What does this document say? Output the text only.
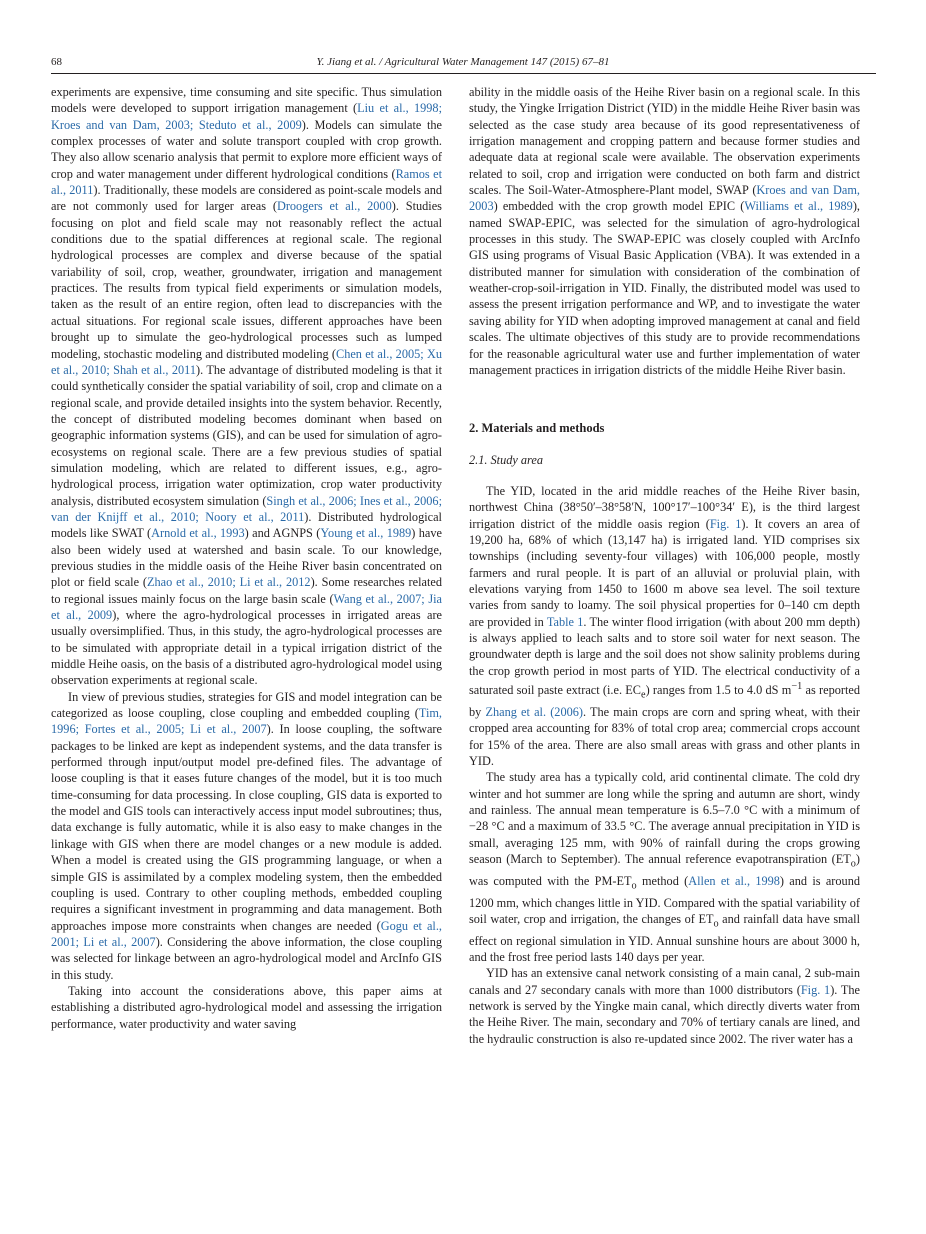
68	Y. Jiang et al. / Agricultural Water Management 147 (2015) 67–81

experiments are expensive, time consuming and site specific. Thus simulation models were developed to support irrigation management (Liu et al., 1998; Kroes and van Dam, 2003; Steduto et al., 2009). Models can simulate the complex processes of water and solute transport coupled with crop growth. They also allow scenario analysis that permit to explore more efficient ways of crop and water management under different hydrological conditions (Ramos et al., 2011). Traditionally, these models are considered as point-scale models and are not commonly used for larger areas (Droogers et al., 2000). Studies focusing on plot and field scale may not reasonably reflect the actual conditions due to the spatial differences at regional scale. The regional hydrological processes are complex and diverse because of the spatial variability of soil, crop, weather, groundwater, irrigation and management practices. The results from typical field experiments or simulation models, taken as the result of an entire region, often lead to discrepancies with the actual situations. For regional scale issues, different approaches have been brought up to simulate the geo-hydrological processes such as lumped modeling, stochastic modeling and distributed modeling (Chen et al., 2005; Xu et al., 2010; Shah et al., 2011). The advantage of distributed modeling is that it could synthetically consider the spatial variability of soil, crop and climate on a regional scale, and provide detailed insights into the system behavior. Recently, the concept of distributed modeling becomes dominant when based on geographic information systems (GIS), and can be used for simulation of agro-ecosystems on regional scale. There are a few previous studies of spatial simulation modeling, which are related to different issues, e.g., agro-hydrological process, irrigation water optimization, crop water productivity analysis, distributed ecosystem simulation (Singh et al., 2006; Ines et al., 2006; van der Knijff et al., 2010; Noory et al., 2011). Distributed hydrological models like SWAT (Arnold et al., 1993) and AGNPS (Young et al., 1989) have also been widely used at watershed and basin scale. To our knowledge, previous studies in the middle oasis of the Heihe River basin concentrated on plot or field scale (Zhao et al., 2010; Li et al., 2012). Some researches related to regional issues mainly focus on the large basin scale (Wang et al., 2007; Jia et al., 2009), where the agro-hydrological processes in irrigated areas are usually oversimplified. Thus, in this study, the agro-hydrological processes are to be simulated with appropriate detail in a typical irrigation district of the middle Heihe oasis, on the basis of a distributed agro-hydrological model using observation experiments at regional scale.

In view of previous studies, strategies for GIS and model integration can be categorized as loose coupling, close coupling and embedded coupling (Tim, 1996; Fortes et al., 2005; Li et al., 2007). In loose coupling, the software packages to be linked are kept as independent systems, and the data transfer is performed through input/output model pre-defined files. The advantage of loose coupling is that it eases future changes of the model, but it is too much time-consuming for data processing. In close coupling, GIS data is exported to the model and GIS tools can interactively access input model subroutines; thus, data exchange is fully automatic, while it is also easy to make changes in the linkage with GIS when there are model changes or a new module is added. When a model is created using the GIS programming language, or when a simple GIS is assimilated by a complex modeling system, then the embedded coupling is used. Contrary to other coupling methods, embedded coupling requires a significant investment in programming and data management. Both approaches impose more constraints when changes are needed (Gogu et al., 2001; Li et al., 2007). Considering the above information, the close coupling was selected for linkage between an agro-hydrological model and ArcInfo GIS in this study.

Taking into account the considerations above, this paper aims at establishing a distributed agro-hydrological model and assessing the irrigation performance, water productivity and water saving

ability in the middle oasis of the Heihe River basin on a regional scale. In this study, the Yingke Irrigation District (YID) in the middle Heihe River basin was selected as the case study area because of its good representativeness of irrigation management and cropping pattern and because former studies and adequate data at regional scale were available. The observation experiments related to soil, crop and irrigation were conducted on both farm and district scales. The Soil-Water-Atmosphere-Plant model, SWAP (Kroes and van Dam, 2003) embedded with the crop growth model EPIC (Williams et al., 1989), named SWAP-EPIC, was selected for the simulation of agro-hydrological processes in this study. The SWAP-EPIC was closely coupled with ArcInfo GIS using programs of Visual Basic Application (VBA). It was extended in a distributed manner for simulation with consideration of the combination of weather-crop-soil-irrigation in YID. Finally, the distributed model was used to assess the present irrigation performance and WP, and to investigate the water saving ability for YID when adopting improved management at canal and field scales. The ultimate objectives of this study are to provide recommendations for the reasonable agricultural water use and further implementation of water management practices in irrigation districts of the middle Heihe River basin.

2. Materials and methods
2.1. Study area

The YID, located in the arid middle reaches of the Heihe River basin, northwest China (38°50′–38°58′N, 100°17′–100°34′ E), is the third largest irrigation district of the middle oasis region (Fig. 1). It covers an area of 19,200 ha, 68% of which (13,147 ha) is irrigated land. YID comprises six townships (including seventy-four villages) with 106,000 people, mostly farmers and rural people. It is part of an alluvial or proluvial plain, with elevations varying from 1450 to 1600 m above sea level. The soil texture varies from sandy to loamy. The soil physical properties for 0–140 cm depth are provided in Table 1. The winter flood irrigation (with about 200 mm depth) is always applied to leach salts and to store soil water for next season. The groundwater depth is large and the soil does not show salinity problems during the crop growth period in most parts of YID. The electrical conductivity of a saturated soil paste extract (i.e. $EC_e$) ranges from 1.5 to 4.0 dS $m^{-1}$ as reported by Zhang et al. (2006). The main crops are corn and spring wheat, with their cropped area accounting for 83% of total crop area; commercial crops account for 15% of the area. There are also small areas with grass and other plants in YID.

The study area has a typically cold, arid continental climate. The cold dry winter and hot summer are long while the spring and autumn are short, windy and rainless. The annual mean temperature is 6.5–7.0 °C with a minimum of −28 °C and a maximum of 33.5 °C. The average annual precipitation in YID is small, averaging 125 mm, with 90% of rainfall during the crops growing season (March to September). The annual reference evapotranspiration $(ET_o)$ was computed with the $PM-ET_o$ method (Allen et al., 1998) and is around 1200 mm, which changes little in YID. Compared with the spatial variability of soil water, crop and irrigation, the changes of $ET_o$ and rainfall data have small effect on regional simulation in YID. Annual sunshine hours are about 3000 h, and the frost free period lasts 140 days per year.

YID has an extensive canal network consisting of a main canal, 2 sub-main canals and 27 secondary canals with more than 1000 distributors (Fig. 1). The network is served by the Yingke main canal, which directly diverts water from the Heihe River. The main, secondary and 70% of tertiary canals are lined, and the hydraulic construction is also re-updated since 2002. The river water has a
